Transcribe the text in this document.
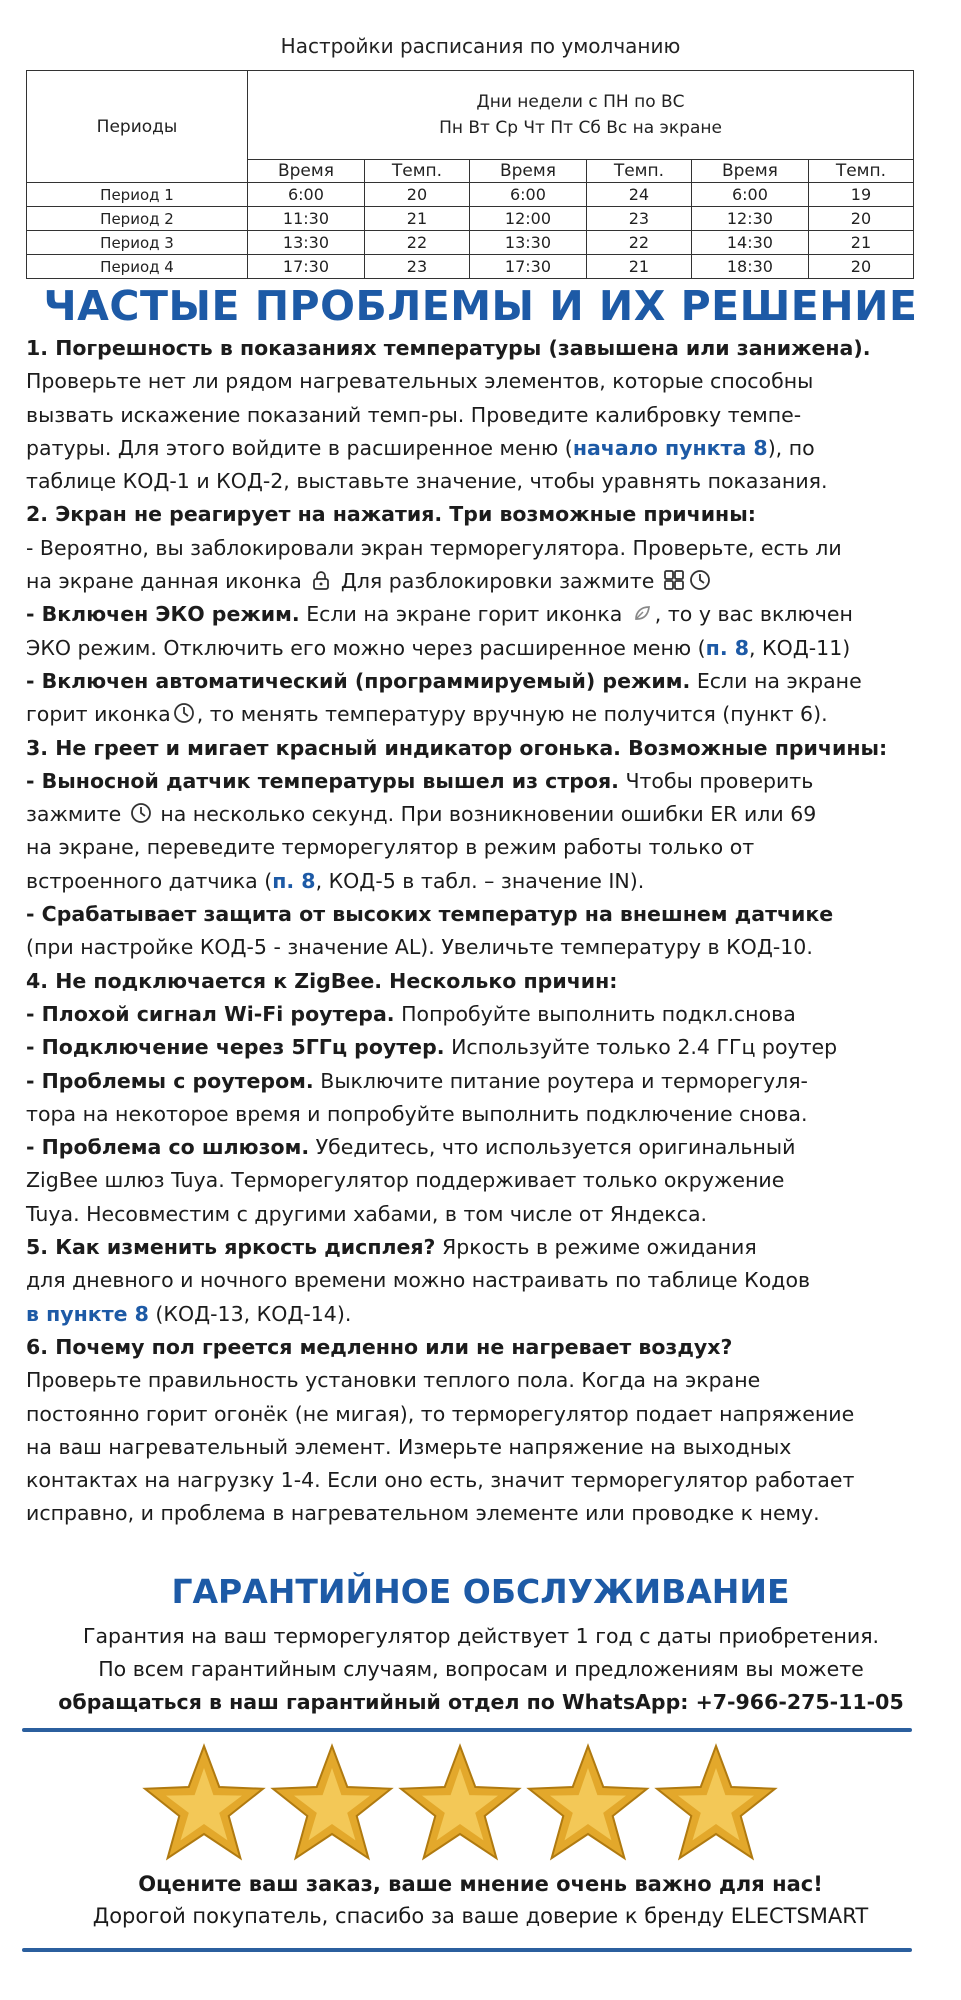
Настройки расписания по умолчанию
Периоды	Дни недели с ПН по ВС
Пн Вт Ср Чт Пт Сб Вс на экране					

	Время	Темп.	Время	Темп.	Время	Темп.
Период 1	6:00	20	6:00	24	6:00	19
Период 2	11:30	21	12:00	23	12:30	20
Период 3	13:30	22	13:30	22	14:30	21
Период 4	17:30	23	17:30	21	18:30	20
ЧАСТЫЕ ПРОБЛЕМЫ И ИХ РЕШЕНИЕ
1. Погрешность в показаниях температуры (завышена или занижена).
Проверьте нет ли рядом нагревательных элементов, которые способны
вызвать искажение показаний темп-ры. Проведите калибровку темпе-
ратуры. Для этого войдите в расширенное меню (начало пункта 8), по
таблице КОД-1 и КОД-2, выставьте значение, чтобы уравнять показания.
2. Экран не реагирует на нажатия. Три возможные причины:
- Вероятно, вы заблокировали экран терморегулятора. Проверьте, есть ли
на экране данная иконка  Для разблокировки зажмите
- Включен ЭКО режим. Если на экране горит иконка , то у вас включен
ЭКО режим. Отключить его можно через расширенное меню (п. 8, КОД-11)
- Включен автоматический (программируемый) режим. Если на экране
горит иконка , то менять температуру вручную не получится (пункт 6).
3. Не греет и мигает красный индикатор огонька. Возможные причины:
- Выносной датчик температуры вышел из строя. Чтобы проверить
зажмите  на несколько секунд. При возникновении ошибки ER или 69
на экране, переведите терморегулятор в режим работы только от
встроенного датчика (п. 8, КОД-5 в табл. – значение IN).
- Срабатывает защита от высоких температур на внешнем датчике
(при настройке КОД-5 - значение AL). Увеличьте температуру в КОД-10.
4. Не подключается к ZigBee. Несколько причин:
- Плохой сигнал Wi-Fi роутера. Попробуйте выполнить подкл.снова
- Подключение через 5ГГц роутер. Используйте только 2.4 ГГц роутер
- Проблемы с роутером. Выключите питание роутера и терморегуля-
тора на некоторое время и попробуйте выполнить подключение снова.
- Проблема со шлюзом. Убедитесь, что используется оригинальный
ZigBee шлюз Tuya. Терморегулятор поддерживает только окружение
Tuya. Несовместим с другими хабами, в том числе от Яндекса.
5. Как изменить яркость дисплея? Яркость в режиме ожидания
для дневного и ночного времени можно настраивать по таблице Кодов
в пункте 8 (КОД-13, КОД-14).
6. Почему пол греется медленно или не нагревает воздух?
Проверьте правильность установки теплого пола. Когда на экране
постоянно горит огонёк (не мигая), то терморегулятор подает напряжение
на ваш нагревательный элемент. Измерьте напряжение на выходных
контактах на нагрузку 1-4. Если оно есть, значит терморегулятор работает
исправно, и проблема в нагревательном элементе или проводке к нему.
ГАРАНТИЙНОЕ ОБСЛУЖИВАНИЕ
Гарантия на ваш терморегулятор действует 1 год с даты приобретения.
По всем гарантийным случаям, вопросам и предложениям вы можете
обращаться в наш гарантийный отдел по WhatsApp: +7-966-275-11-05
Оцените ваш заказ, ваше мнение очень важно для нас!
Дорогой покупатель, спасибо за ваше доверие к бренду ELECTSMART
